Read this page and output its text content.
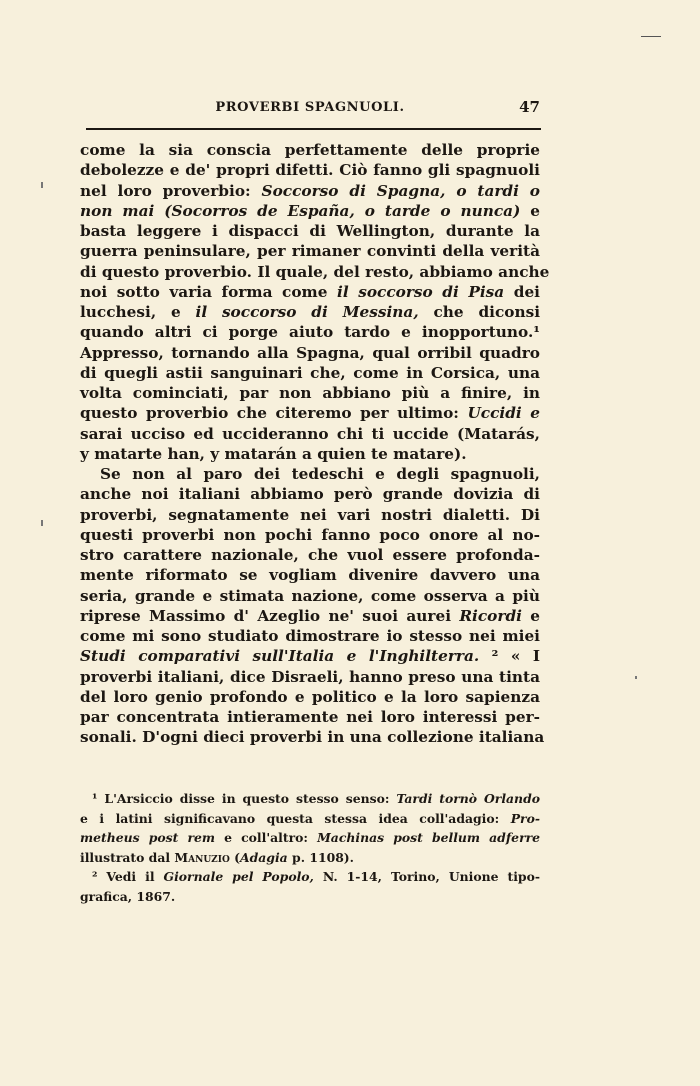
PROVERBI SPAGNUOLI.	47
come la sia conscia perfettamente delle proprie
debolezze e de' propri difetti. Ciò fanno gli spagnuoli
nel loro proverbio: Soccorso di Spagna, o tardi o
non mai (Socorros de España, o tarde o nunca) e
basta leggere i dispacci di Wellington, durante la
guerra peninsulare, per rimaner convinti della verità
di questo proverbio. Il quale, del resto, abbiamo anche
noi sotto varia forma come il soccorso di Pisa dei
lucchesi, e il soccorso di Messina, che diconsi
quando altri ci porge aiuto tardo e inopportuno.¹
Appresso, tornando alla Spagna, qual orribil quadro
di quegli astii sanguinari che, come in Corsica, una
volta cominciati, par non abbiano più a finire, in
questo proverbio che citeremo per ultimo: Uccidi e
sarai ucciso ed ucciderannо chi ti uccide (Matarás,
y matarte han, y matarán a quien te matare).
Se non al paro dei tedeschi e degli spagnuoli,
anche noi italiani abbiamo però grande dovizia di
proverbi, segnatamente nei vari nostri dialetti. Di
questi proverbi non pochi fanno poco onore al no-
stro carattere nazionale, che vuol essere profonda-
mente riformato se vogliam divenire davvero una
seria, grande e stimata nazione, come osserva a più
riprese Massimo d' Azeglio ne' suoi aurei Ricordi e
come mi sono studiato dimostrare io stesso nei miei
Studi comparativi sull'Italia e l'Inghilterra. ² « I
proverbi italiani, dice Disraeli, hanno preso una tinta
del loro genio profondo e politico e la loro sapienza
par concentrata intieramente nei loro interessi per-
sonali. D'ogni dieci proverbi in una collezione italiana
¹ L'Arsiccio disse in questo stesso senso: Tardi tornò Orlando
e i latini significavano questa stessa idea coll'adagio: Pro-
metheus post rem e coll'altro: Machinas post bellum adferre
illustrato dal Manuzio (Adagia p. 1108).
² Vedi il Giornale pel Popolo, N. 1-14, Torino, Unione tipo-
grafica, 1867.
